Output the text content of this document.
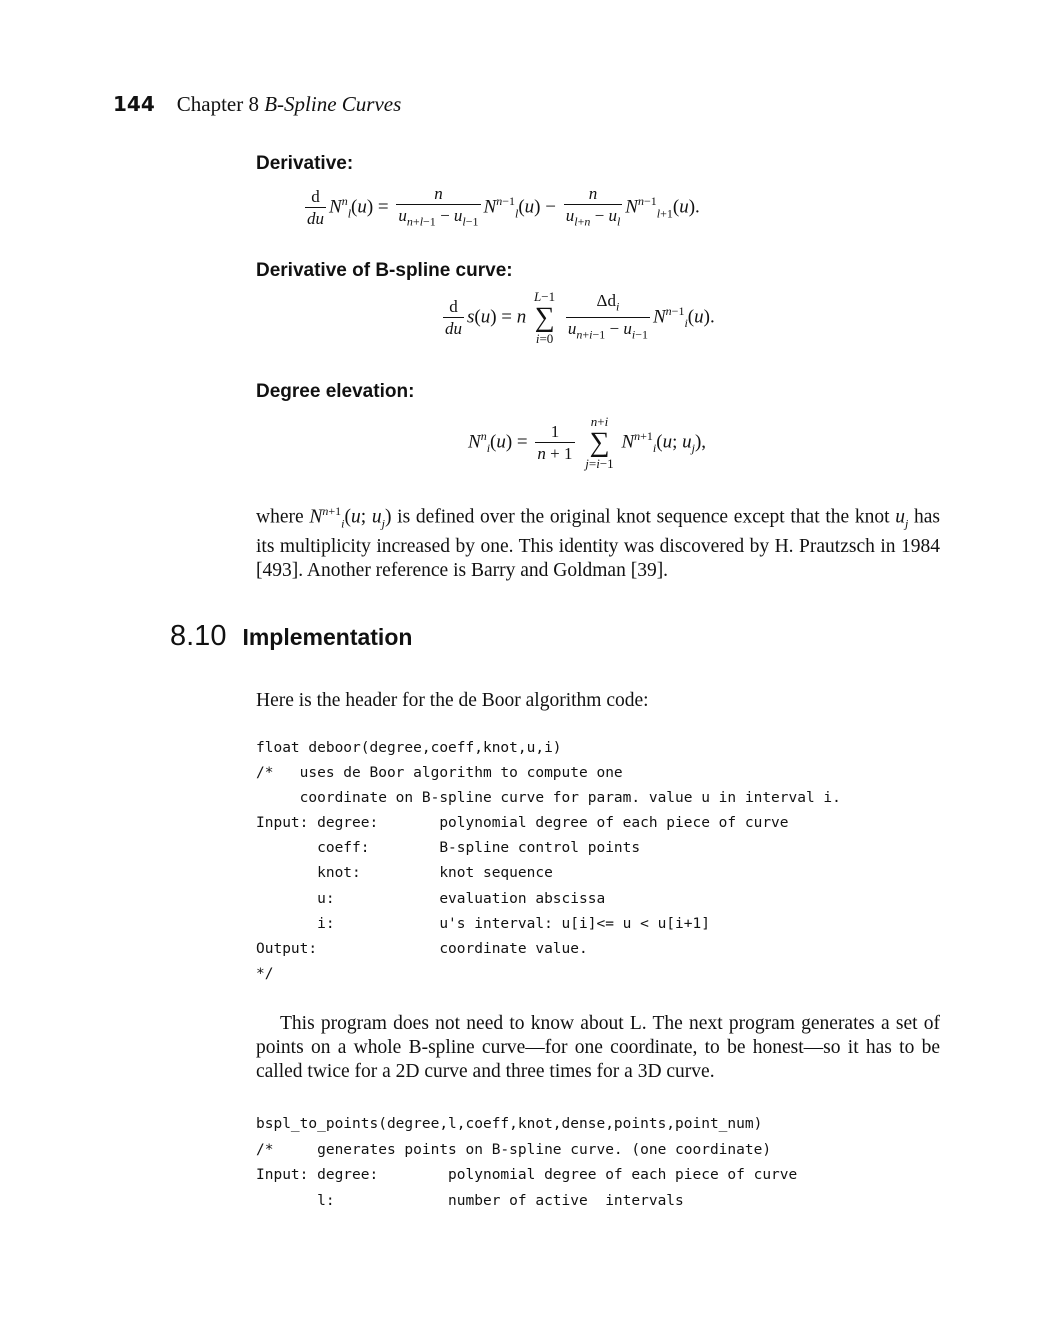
144 Chapter 8 B-Spline Curves
Derivative:
$\frac{d}{du} N^n_l(u) = \frac{n}{u_{n+l-1} - u_{l-1}} N^{n-1}_l(u) - \frac{n}{u_{l+n} - u_l} N^{n-1}_{l+1}(u)$.
Derivative of B-spline curve:
$\frac{d}{du} s(u) = n$
L−1
∑
i=0
$\frac{\Delta d_i}{u_{n+i-1} - u_{i-1}} N^{n-1}_i(u)$.
Degree elevation:
$N^n_i(u) = \frac{1}{n + 1}$
	n+i
∑
j=i−1
$N^{n+1}_i(u$; $u_j$),
where $N^{n+1}_i(u$; $u_j$) is defined over the original knot sequence except that the knot $u_j$ has its multiplicity increased by one. This identity was discovered by H. Prautzsch in 1984 [493]. Another reference is Barry and Goldman [39].
8.10 Implementation
Here is the header for the de Boor algorithm code:
float deboor(degree,coeff,knot,u,i)
/*   uses de Boor algorithm to compute one
coordinate on B-spline curve for param. value u in interval i.
Input: degree:       polynomial degree of each piece of curve
coeff:        B-spline control points
knot:         knot sequence
u:            evaluation abscissa
i:            u's interval: u[i]<= u < u[i+1]
Output:              coordinate value.
*/
This program does not need to know about L. The next program generates a set of points on a whole B-spline curve—for one coordinate, to be honest—so it has to be called twice for a 2D curve and three times for a 3D curve.
bspl_to_points(degree,l,coeff,knot,dense,points,point_num)
/*     generates points on B-spline curve. (one coordinate)
Input: degree:        polynomial degree of each piece of curve
l:             number of active  intervals
